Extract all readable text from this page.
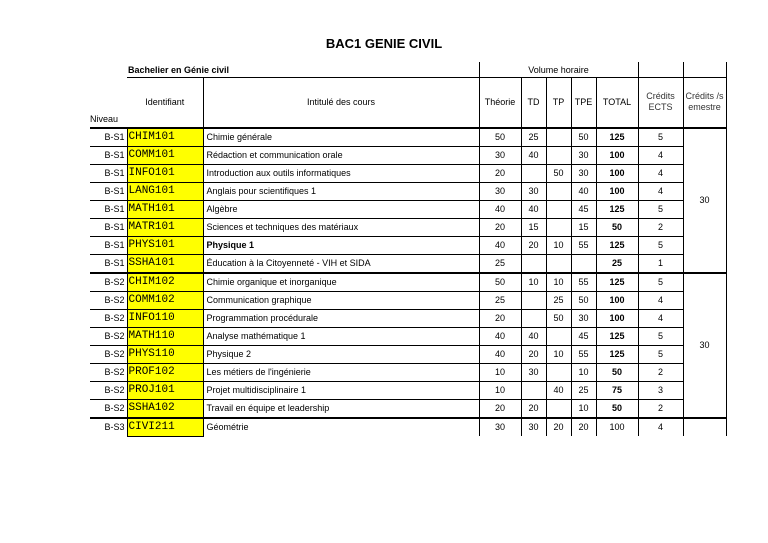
BAC1 GENIE CIVIL
Bachelier en Génie civil			Volume horaire						
Niveau	Identifiant	Intitulé des cours	Théorie	TD	TP	TPE	TOTAL	Crédits ECTS	Crédits /semestre
B-S1	CHIM101	Chimie générale	50	25		50	125	5	30
B-S1	COMM101	Rédaction et communication orale	30	40		30	100	4	
B-S1	INFO101	Introduction aux outils informatiques	20		50	30	100	4	
B-S1	LANG101	Anglais pour scientifiques 1	30	30		40	100	4	
B-S1	MATH101	Algèbre	40	40		45	125	5	
B-S1	MATR101	Sciences et techniques des matériaux	20	15		15	50	2	
B-S1	PHYS101	Physique 1	40	20	10	55	125	5	
B-S1	SSHA101	Éducation à la Citoyenneté - VIH et SIDA	25				25	1	
B-S2	CHIM102	Chimie organique et inorganique	50	10	10	55	125	5	30
B-S2	COMM102	Communication graphique	25		25	50	100	4	
B-S2	INFO110	Programmation procédurale	20		50	30	100	4	
B-S2	MATH110	Analyse mathématique 1	40	40		45	125	5	
B-S2	PHYS110	Physique 2	40	20	10	55	125	5	
B-S2	PROF102	Les métiers de l'ingénierie	10	30		10	50	2	
B-S2	PROJ101	Projet multidisciplinaire 1	10		40	25	75	3	
B-S2	SSHA102	Travail en équipe et leadership	20	20		10	50	2	
B-S3	CIVI211	Géométrie	30	30	20	20	100	4	
